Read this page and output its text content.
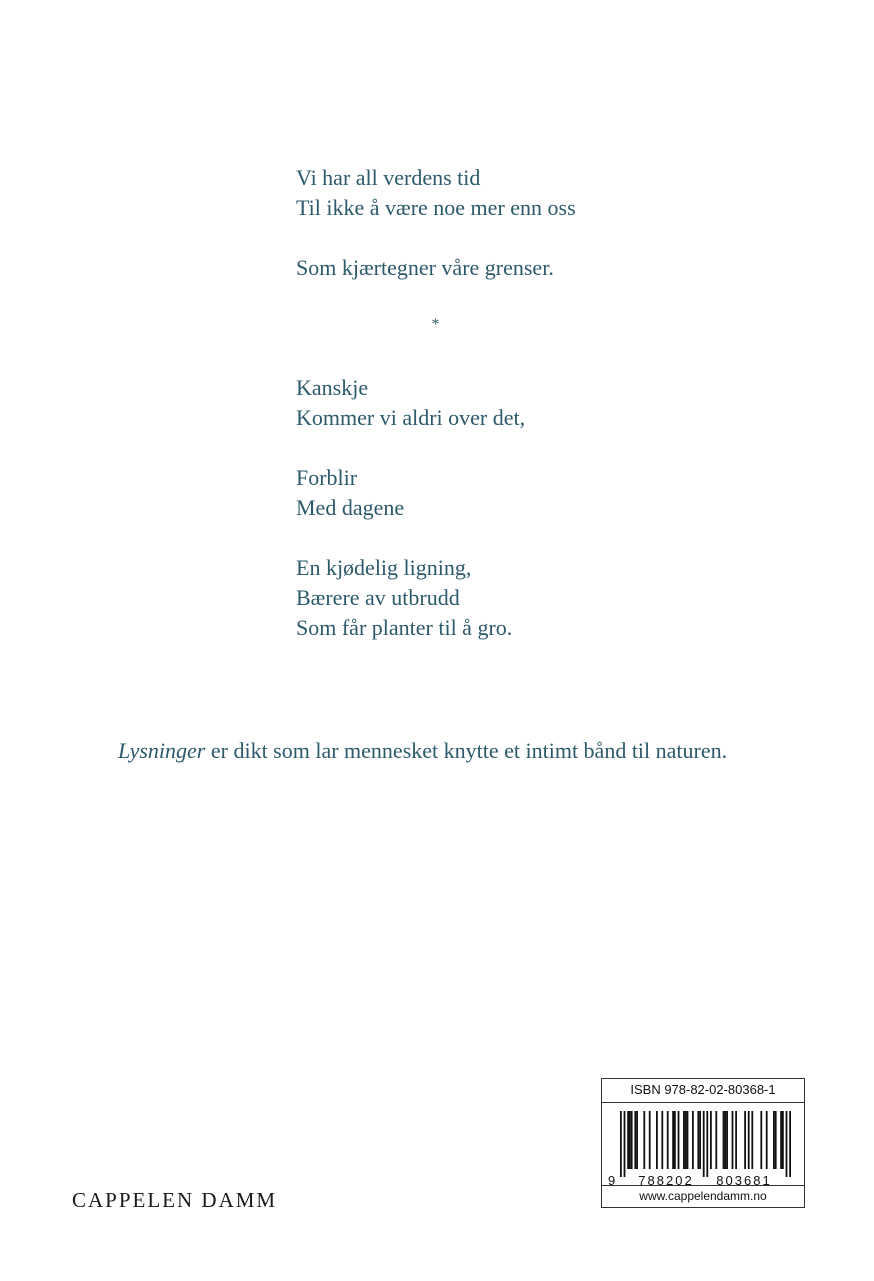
Vi har all verdens tid
Til ikke å være noe mer enn oss
Som kjærtegner våre grenser.
*
Kanskje
Kommer vi aldri over det,
Forblir
Med dagene
En kjødelig ligning,
Bærere av utbrudd
Som får planter til å gro.
Lysninger er dikt som lar mennesket knytte et intimt bånd til naturen.
CAPPELEN DAMM
ISBN 978-82-02-80368-1
9 788202 803681
www.cappelendamm.no
